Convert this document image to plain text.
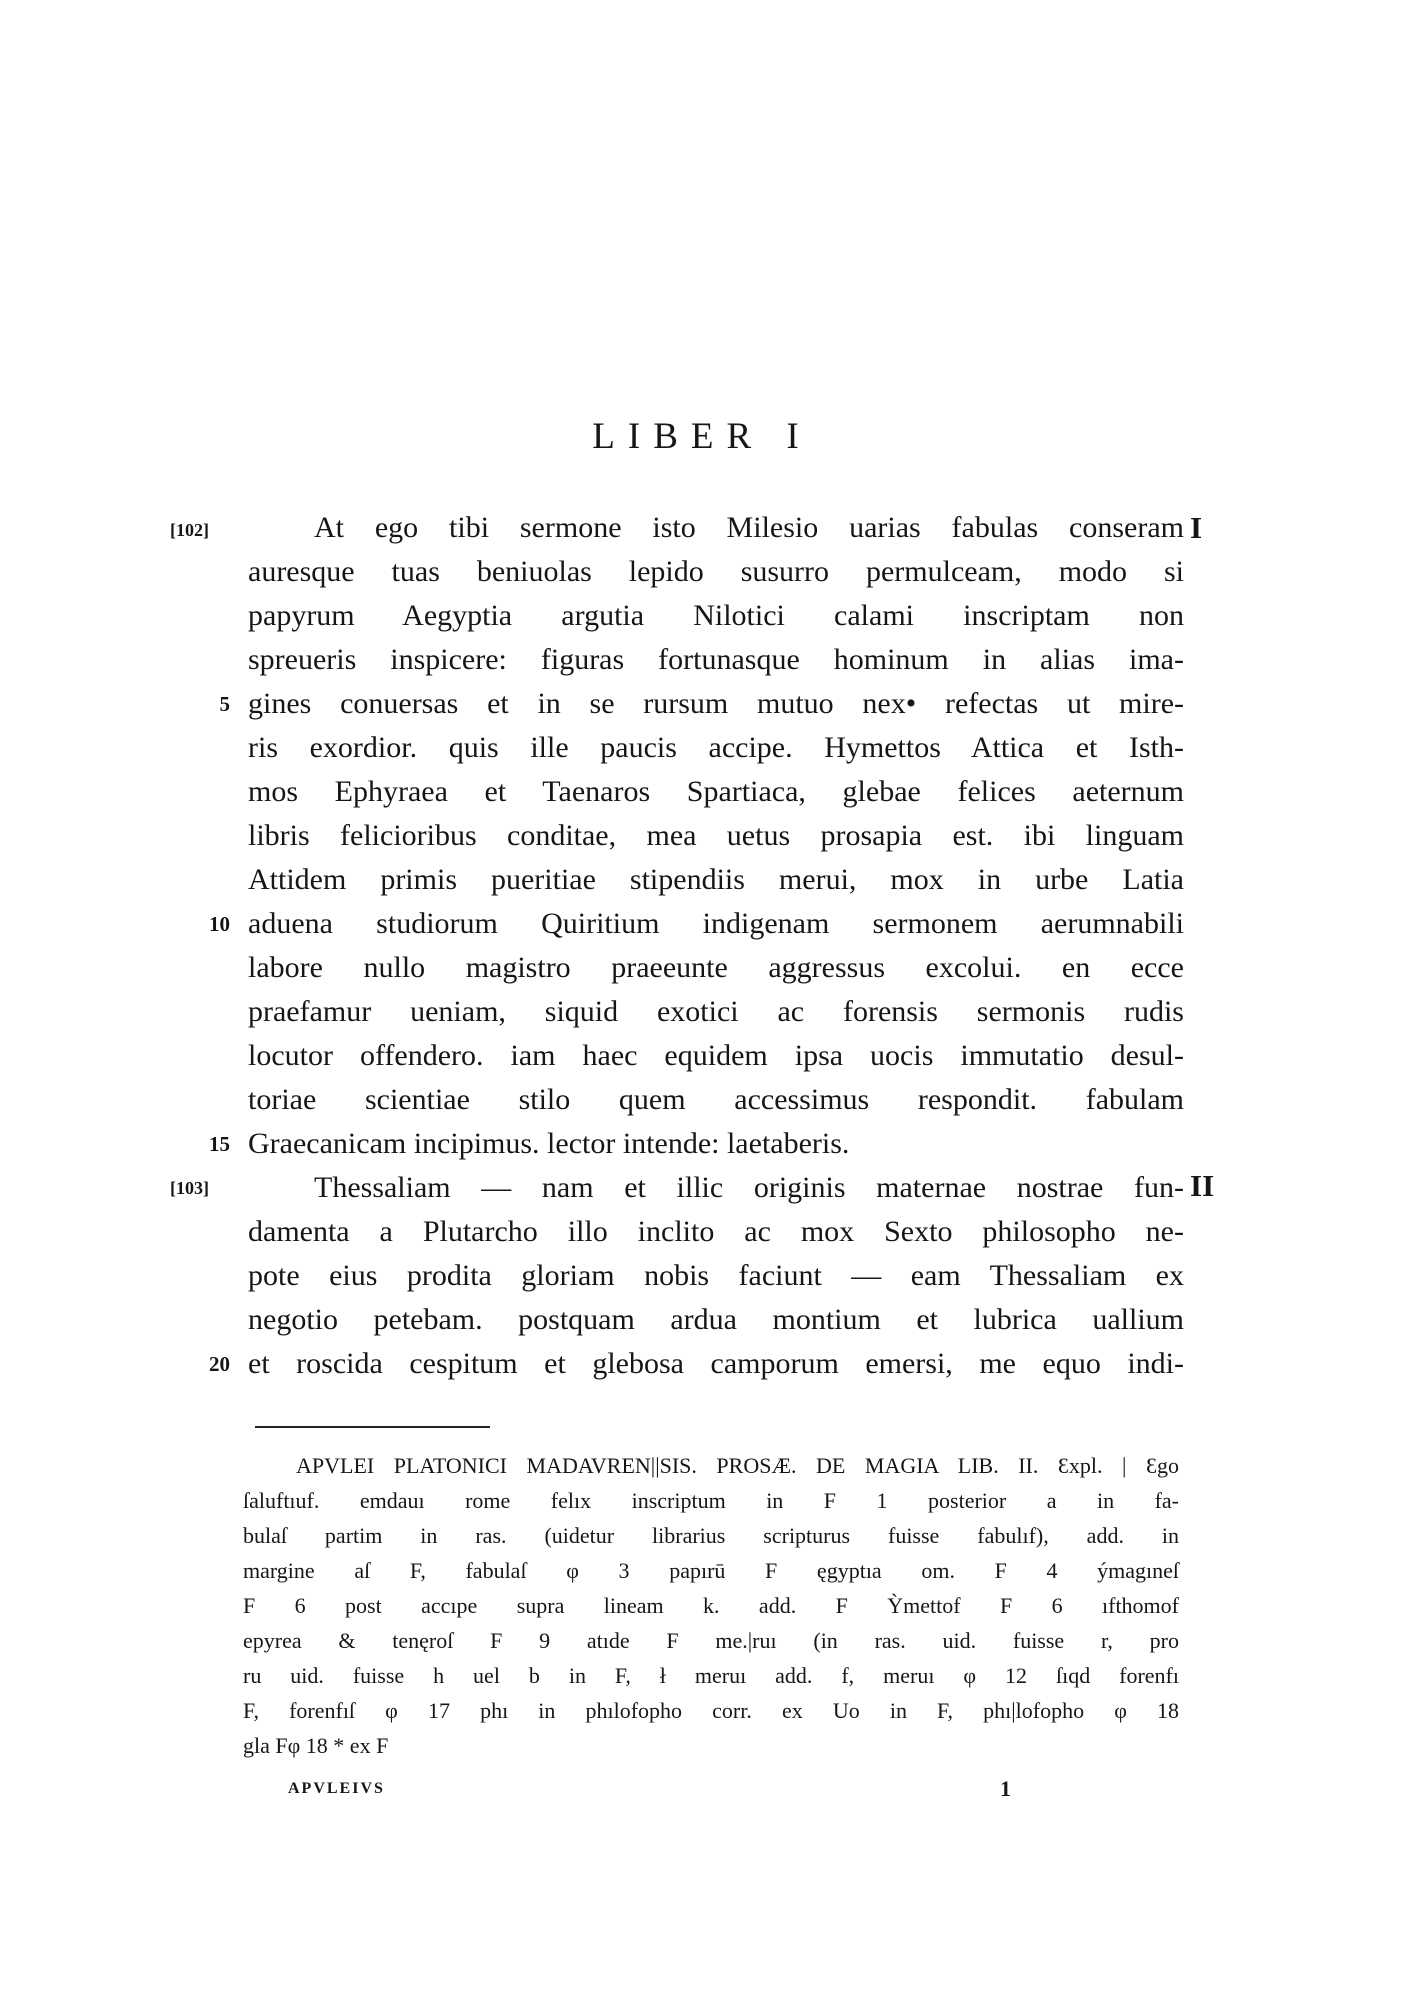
LIBER I
[102]	I
At ego tibi sermone isto Milesio uarias fabulas conseram
auresque tuas beniuolas lepido susurro permulceam, modo si
papyrum Aegyptia argutia Nilotici calami inscriptam non
spreueris inspicere: figuras fortunasque hominum in alias ima-
5 gines conuersas et in se rursum mutuo nex• refectas ut mire-
ris exordior. quis ille paucis accipe. Hymettos Attica et Isth-
mos Ephyraea et Taenaros Spartiaca, glebae felices aeternum
libris felicioribus conditae, mea uetus prosapia est. ibi linguam
Attidem primis pueritiae stipendiis merui, mox in urbe Latia
10 aduena studiorum Quiritium indigenam sermonem aerumnabili
labore nullo magistro praeeunte aggressus excolui. en ecce
praefamur ueniam, siquid exotici ac forensis sermonis rudis
locutor offendero. iam haec equidem ipsa uocis immutatio desul-
toriae scientiae stilo quem accessimus respondit. fabulam
15 Graecanicam incipimus. lector intende: laetaberis.
[103]	II
Thessaliam — nam et illic originis maternae nostrae fun-
damenta a Plutarcho illo inclito ac mox Sexto philosopho ne-
pote eius prodita gloriam nobis faciunt — eam Thessaliam ex
negotio petebam. postquam ardua montium et lubrica uallium
20 et roscida cespitum et glebosa camporum emersi, me equo indi-
APVLEI PLATONICI MADAVREN||SIS. PROSÆ. DE MAGIA LIB. II. Ɛxpl. | Ɛgo
ſaluftıuf. emdauı rome felıx inscriptum in F 1 posterior a in fa-
bulaſ partim in ras. (uidetur librarius scripturus fuisse fabulıf), add. in
margine aſ F, fabulaſ φ 3 papırū F ęgyptıa om. F 4 ýmagıneſ
F 6 post accıpe supra lineam k. add. F Ỳmettof F 6 ıfthomof
epyrea & tenęroſ F 9 atıde F me.|ruı (in ras. uid. fuisse r, pro
ru uid. fuisse h uel b in F, ł meruı add. f, meruı φ 12 ſıqd forenfı
F, forenfıſ φ 17 phı in phılofopho corr. ex Uo in F, phı|lofopho φ 18
gla Fφ 18 * ex F
APVLEIVS	1
